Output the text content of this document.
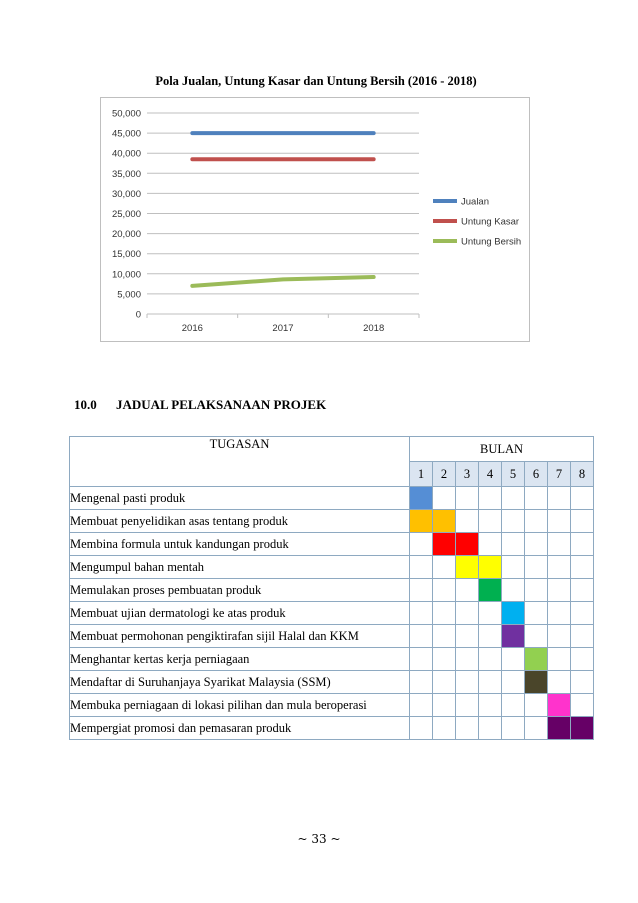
Pola Jualan, Untung Kasar dan Untung Bersih (2016 - 2018)
0
5,000
10,000
15,000
20,000
25,000
30,000
35,000
40,000
45,000
50,000
2016	2017	2018
Jualan
Untung Kasar
Untung Bersih
10.0 JADUAL PELAKSANAAN PROJEK
TUGASAN	BULAN							
	1	2	3	4	5	6	7	8
Mengenal pasti produk								
Membuat penyelidikan asas tentang produk								
Membina formula untuk kandungan produk								
Mengumpul bahan mentah								
Memulakan proses pembuatan produk								
Membuat ujian dermatologi ke atas produk								
Membuat permohonan pengiktirafan sijil Halal dan KKM								
Menghantar kertas kerja perniagaan								
Mendaftar di Suruhanjaya Syarikat Malaysia (SSM)								
Membuka perniagaan di lokasi pilihan dan mula beroperasi								
Mempergiat promosi dan pemasaran produk								
~ 33 ~
